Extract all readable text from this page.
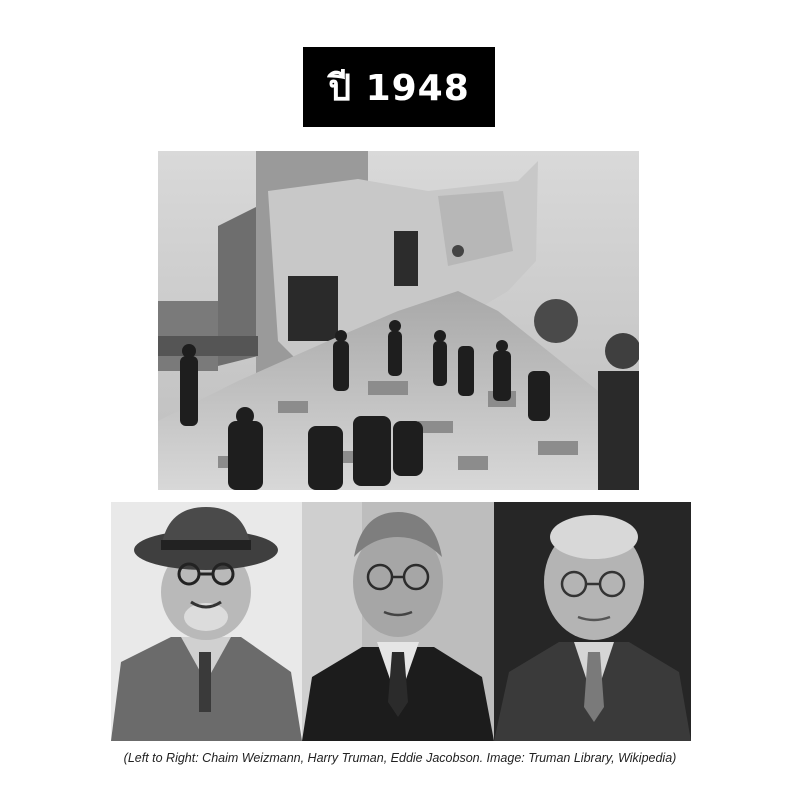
ปี 1948
(Left to Right: Chaim Weizmann, Harry Truman, Eddie Jacobson. Image: Truman Library, Wikipedia)
